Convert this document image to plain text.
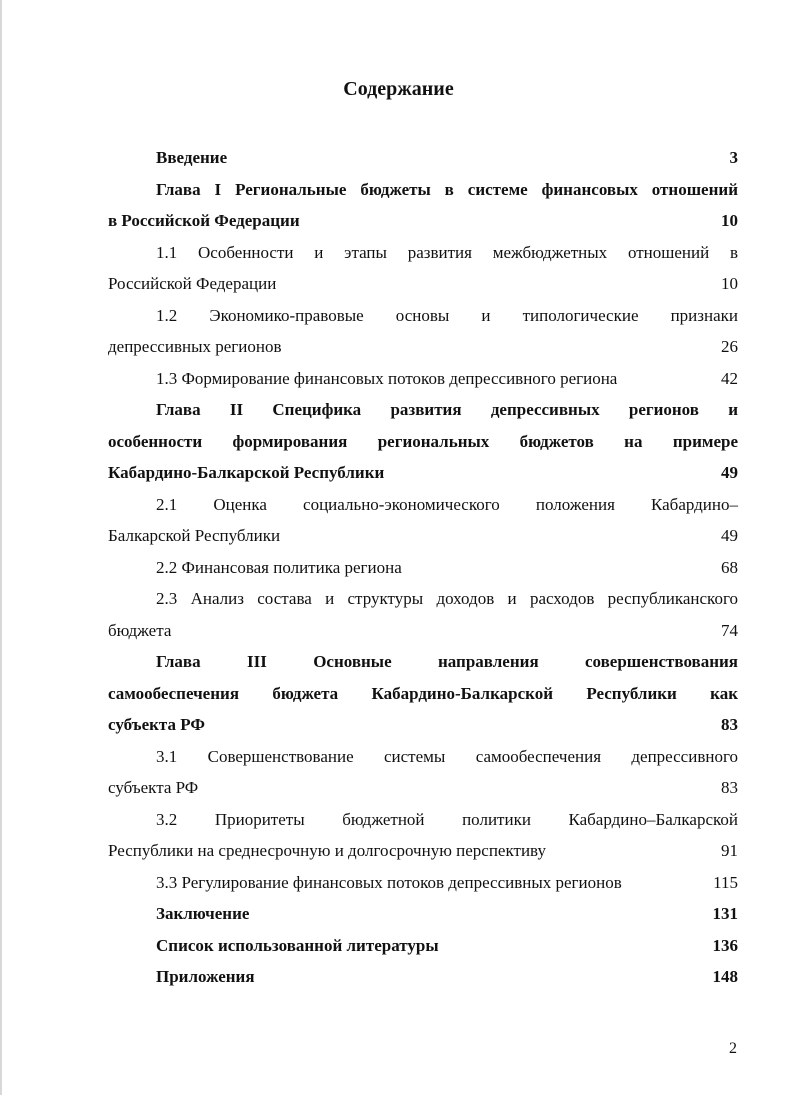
Содержание
Введение	3
Глава I Региональные бюджеты в системе финансовых отношений
в Российской Федерации	10
1.1 Особенности и этапы развития межбюджетных отношений в
Российской Федерации	10
1.2 Экономико-правовые основы и типологические признаки
депрессивных регионов	26
1.3 Формирование финансовых потоков депрессивного региона	42
Глава II Специфика развития депрессивных регионов и
особенности формирования региональных бюджетов на примере
Кабардино-Балкарской Республики	49
2.1 Оценка социально-экономического положения Кабардино–
Балкарской Республики	49
2.2 Финансовая политика региона	68
2.3 Анализ состава и структуры доходов и расходов республиканского
бюджета	74
Глава III Основные направления совершенствования
самообеспечения бюджета Кабардино-Балкарской Республики как
субъекта РФ	83
3.1 Совершенствование системы самообеспечения депрессивного
субъекта РФ	83
3.2 Приоритеты бюджетной политики Кабардино–Балкарской
Республики на среднесрочную и долгосрочную перспективу	91
3.3 Регулирование финансовых потоков депрессивных регионов	115
Заключение	131
Список использованной литературы	136
Приложения	148
2
